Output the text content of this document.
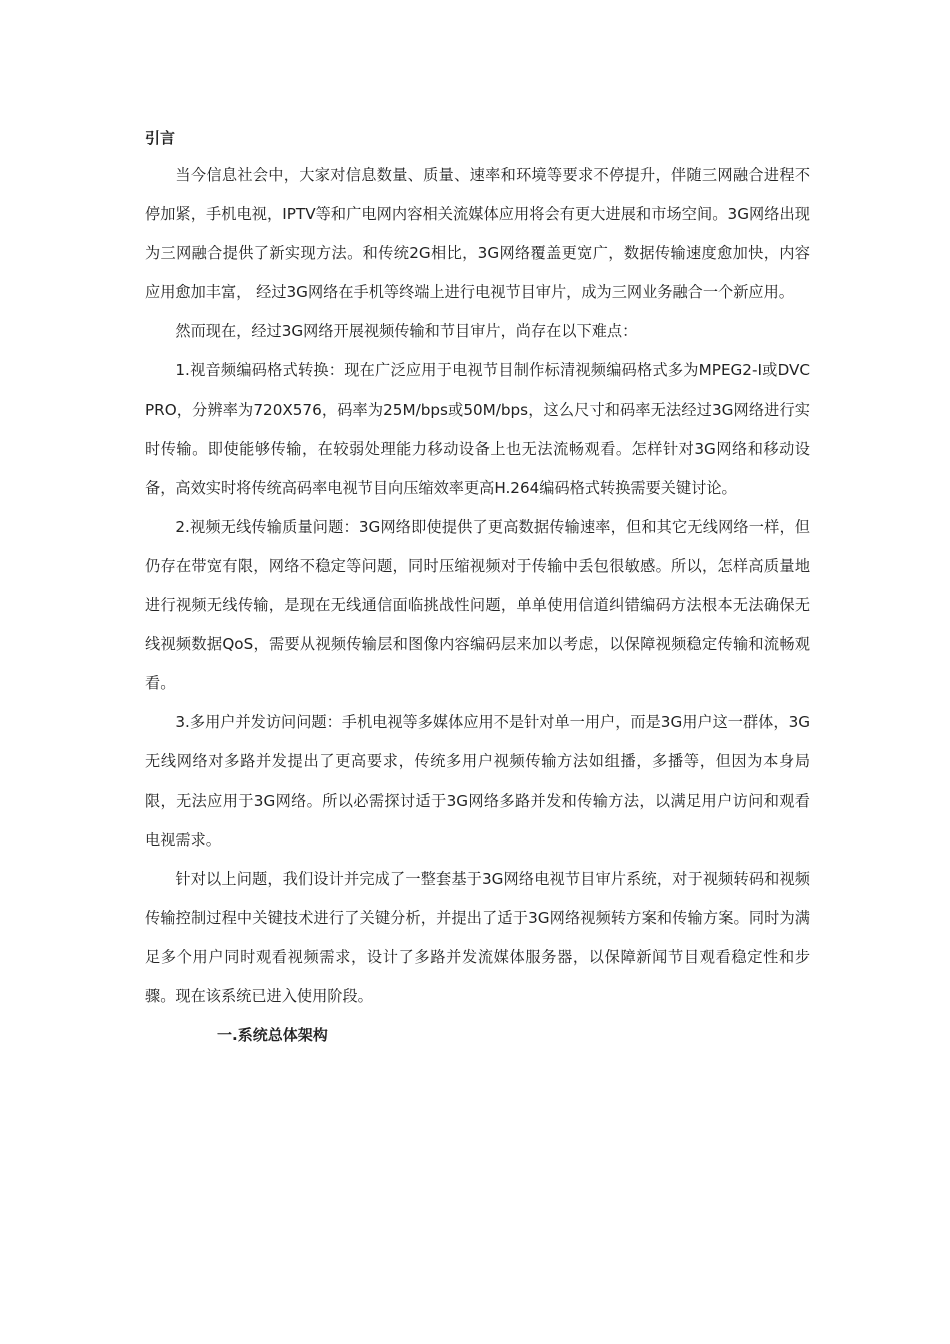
引言

当今信息社会中，大家对信息数量、质量、速率和环境等要求不停提升，伴随三网融合进程不停加紧，手机电视，IPTV等和广电网内容相关流媒体应用将会有更大进展和市场空间。3G网络出现为三网融合提供了新实现方法。和传统2G相比，3G网络覆盖更宽广，数据传输速度愈加快，内容应用愈加丰富， 经过3G网络在手机等终端上进行电视节目审片，成为三网业务融合一个新应用。

然而现在，经过3G网络开展视频传输和节目审片，尚存在以下难点：

1.视音频编码格式转换：现在广泛应用于电视节目制作标清视频编码格式多为MPEG2-I或DVCPRO，分辨率为720X576，码率为25M/bps或50M/bps，这么尺寸和码率无法经过3G网络进行实时传输。即使能够传输，在较弱处理能力移动设备上也无法流畅观看。怎样针对3G网络和移动设备，高效实时将传统高码率电视节目向压缩效率更高H.264编码格式转换需要关键讨论。

2.视频无线传输质量问题：3G网络即使提供了更高数据传输速率，但和其它无线网络一样，但仍存在带宽有限，网络不稳定等问题，同时压缩视频对于传输中丢包很敏感。所以，怎样高质量地进行视频无线传输，是现在无线通信面临挑战性问题，单单使用信道纠错编码方法根本无法确保无线视频数据QoS，需要从视频传输层和图像内容编码层来加以考虑，以保障视频稳定传输和流畅观看。

3.多用户并发访问问题：手机电视等多媒体应用不是针对单一用户，而是3G用户这一群体，3G无线网络对多路并发提出了更高要求，传统多用户视频传输方法如组播，多播等，但因为本身局限，无法应用于3G网络。所以必需探讨适于3G网络多路并发和传输方法，以满足用户访问和观看电视需求。

针对以上问题，我们设计并完成了一整套基于3G网络电视节目审片系统，对于视频转码和视频传输控制过程中关键技术进行了关键分析，并提出了适于3G网络视频转方案和传输方案。同时为满足多个用户同时观看视频需求，设计了多路并发流媒体服务器，以保障新闻节目观看稳定性和步骤。现在该系统已进入使用阶段。

一.系统总体架构
